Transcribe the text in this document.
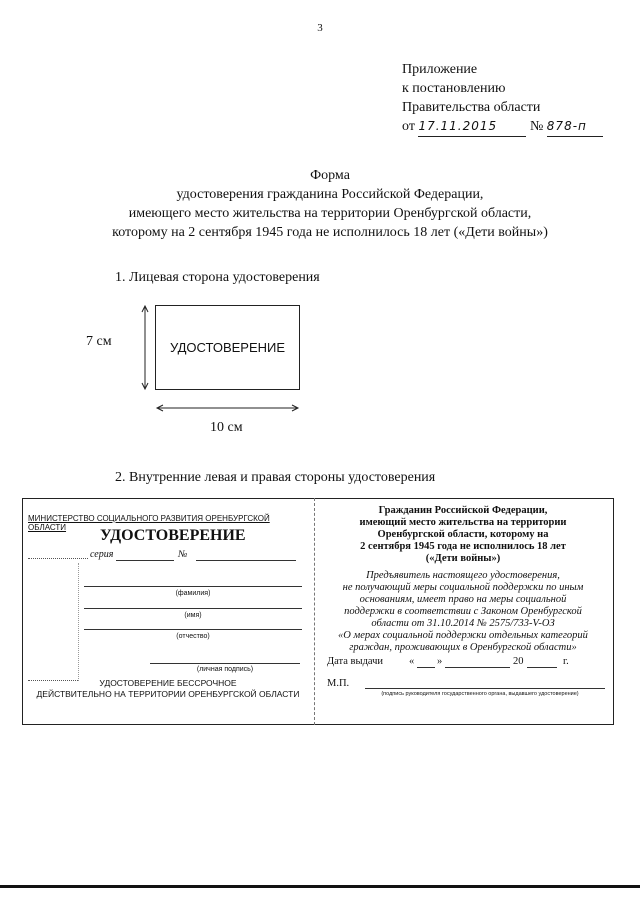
3
Приложение
к постановлению
Правительства области
от 17.11.2015 № 878-п
Форма
удостоверения гражданина Российской Федерации,
имеющего место жительства на территории Оренбургской области,
которому на 2 сентября 1945 года не исполнилось 18 лет («Дети войны»)
1. Лицевая сторона удостоверения
7 см	УДОСТОВЕРЕНИЕ
10 см
2. Внутренние левая и правая стороны удостоверения
МИНИСТЕРСТВО СОЦИАЛЬНОГО РАЗВИТИЯ ОРЕНБУРГСКОЙ ОБЛАСТИ	УДОСТОВЕРЕНИЕ
серия	№
(фамилия)
(имя)
(отчество)
(личная подпись)
УДОСТОВЕРЕНИЕ БЕССРОЧНОЕ
ДЕЙСТВИТЕЛЬНО НА ТЕРРИТОРИИ ОРЕНБУРГСКОЙ ОБЛАСТИ
Гражданин Российской Федерации,
имеющий место жительства на территории
Оренбургской области, которому на
2 сентября 1945 года не исполнилось 18 лет
(«Дети войны»)
Предъявитель настоящего удостоверения,
не получающий меры социальной поддержки по иным
основаниям, имеет право на меры социальной
поддержки в соответствии с Законом Оренбургской
области от 31.10.2014 № 2575/733-V-ОЗ
«О мерах социальной поддержки отдельных категорий
граждан, проживающих в Оренбургской области»
Дата выдачи « »	20	г.
М.П.
(подпись руководителя государственного органа, выдавшего удостоверение)
